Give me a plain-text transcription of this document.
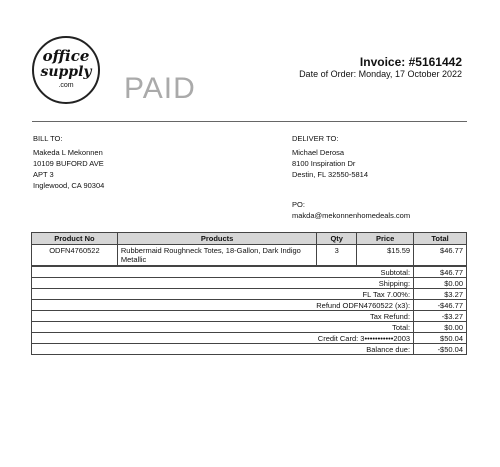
office
supply
.com	PAID
Invoice: #5161442
Date of Order: Monday, 17 October 2022
BILL TO:
Makeda L Mekonnen
10109 BUFORD AVE
APT 3
Inglewood, CA 90304
DELIVER TO:
Michael Derosa
8100 Inspiration Dr
Destin, FL 32550-5814
PO:
makda@mekonnenhomedeals.com
Product No	Products	Qty	Price	Total
ODFN4760522	Rubbermaid Roughneck Totes, 18-Gallon, Dark Indigo Metallic	3	$15.59	$46.77
Subtotal:	$46.77
Shipping:	$0.00
FL Tax 7.00%:	$3.27
Refund ODFN4760522 (x3):	-$46.77
Tax Refund:	-$3.27
Total:	$0.00
Credit Card: 3•••••••••••2003	$50.04
Balance due:	-$50.04
